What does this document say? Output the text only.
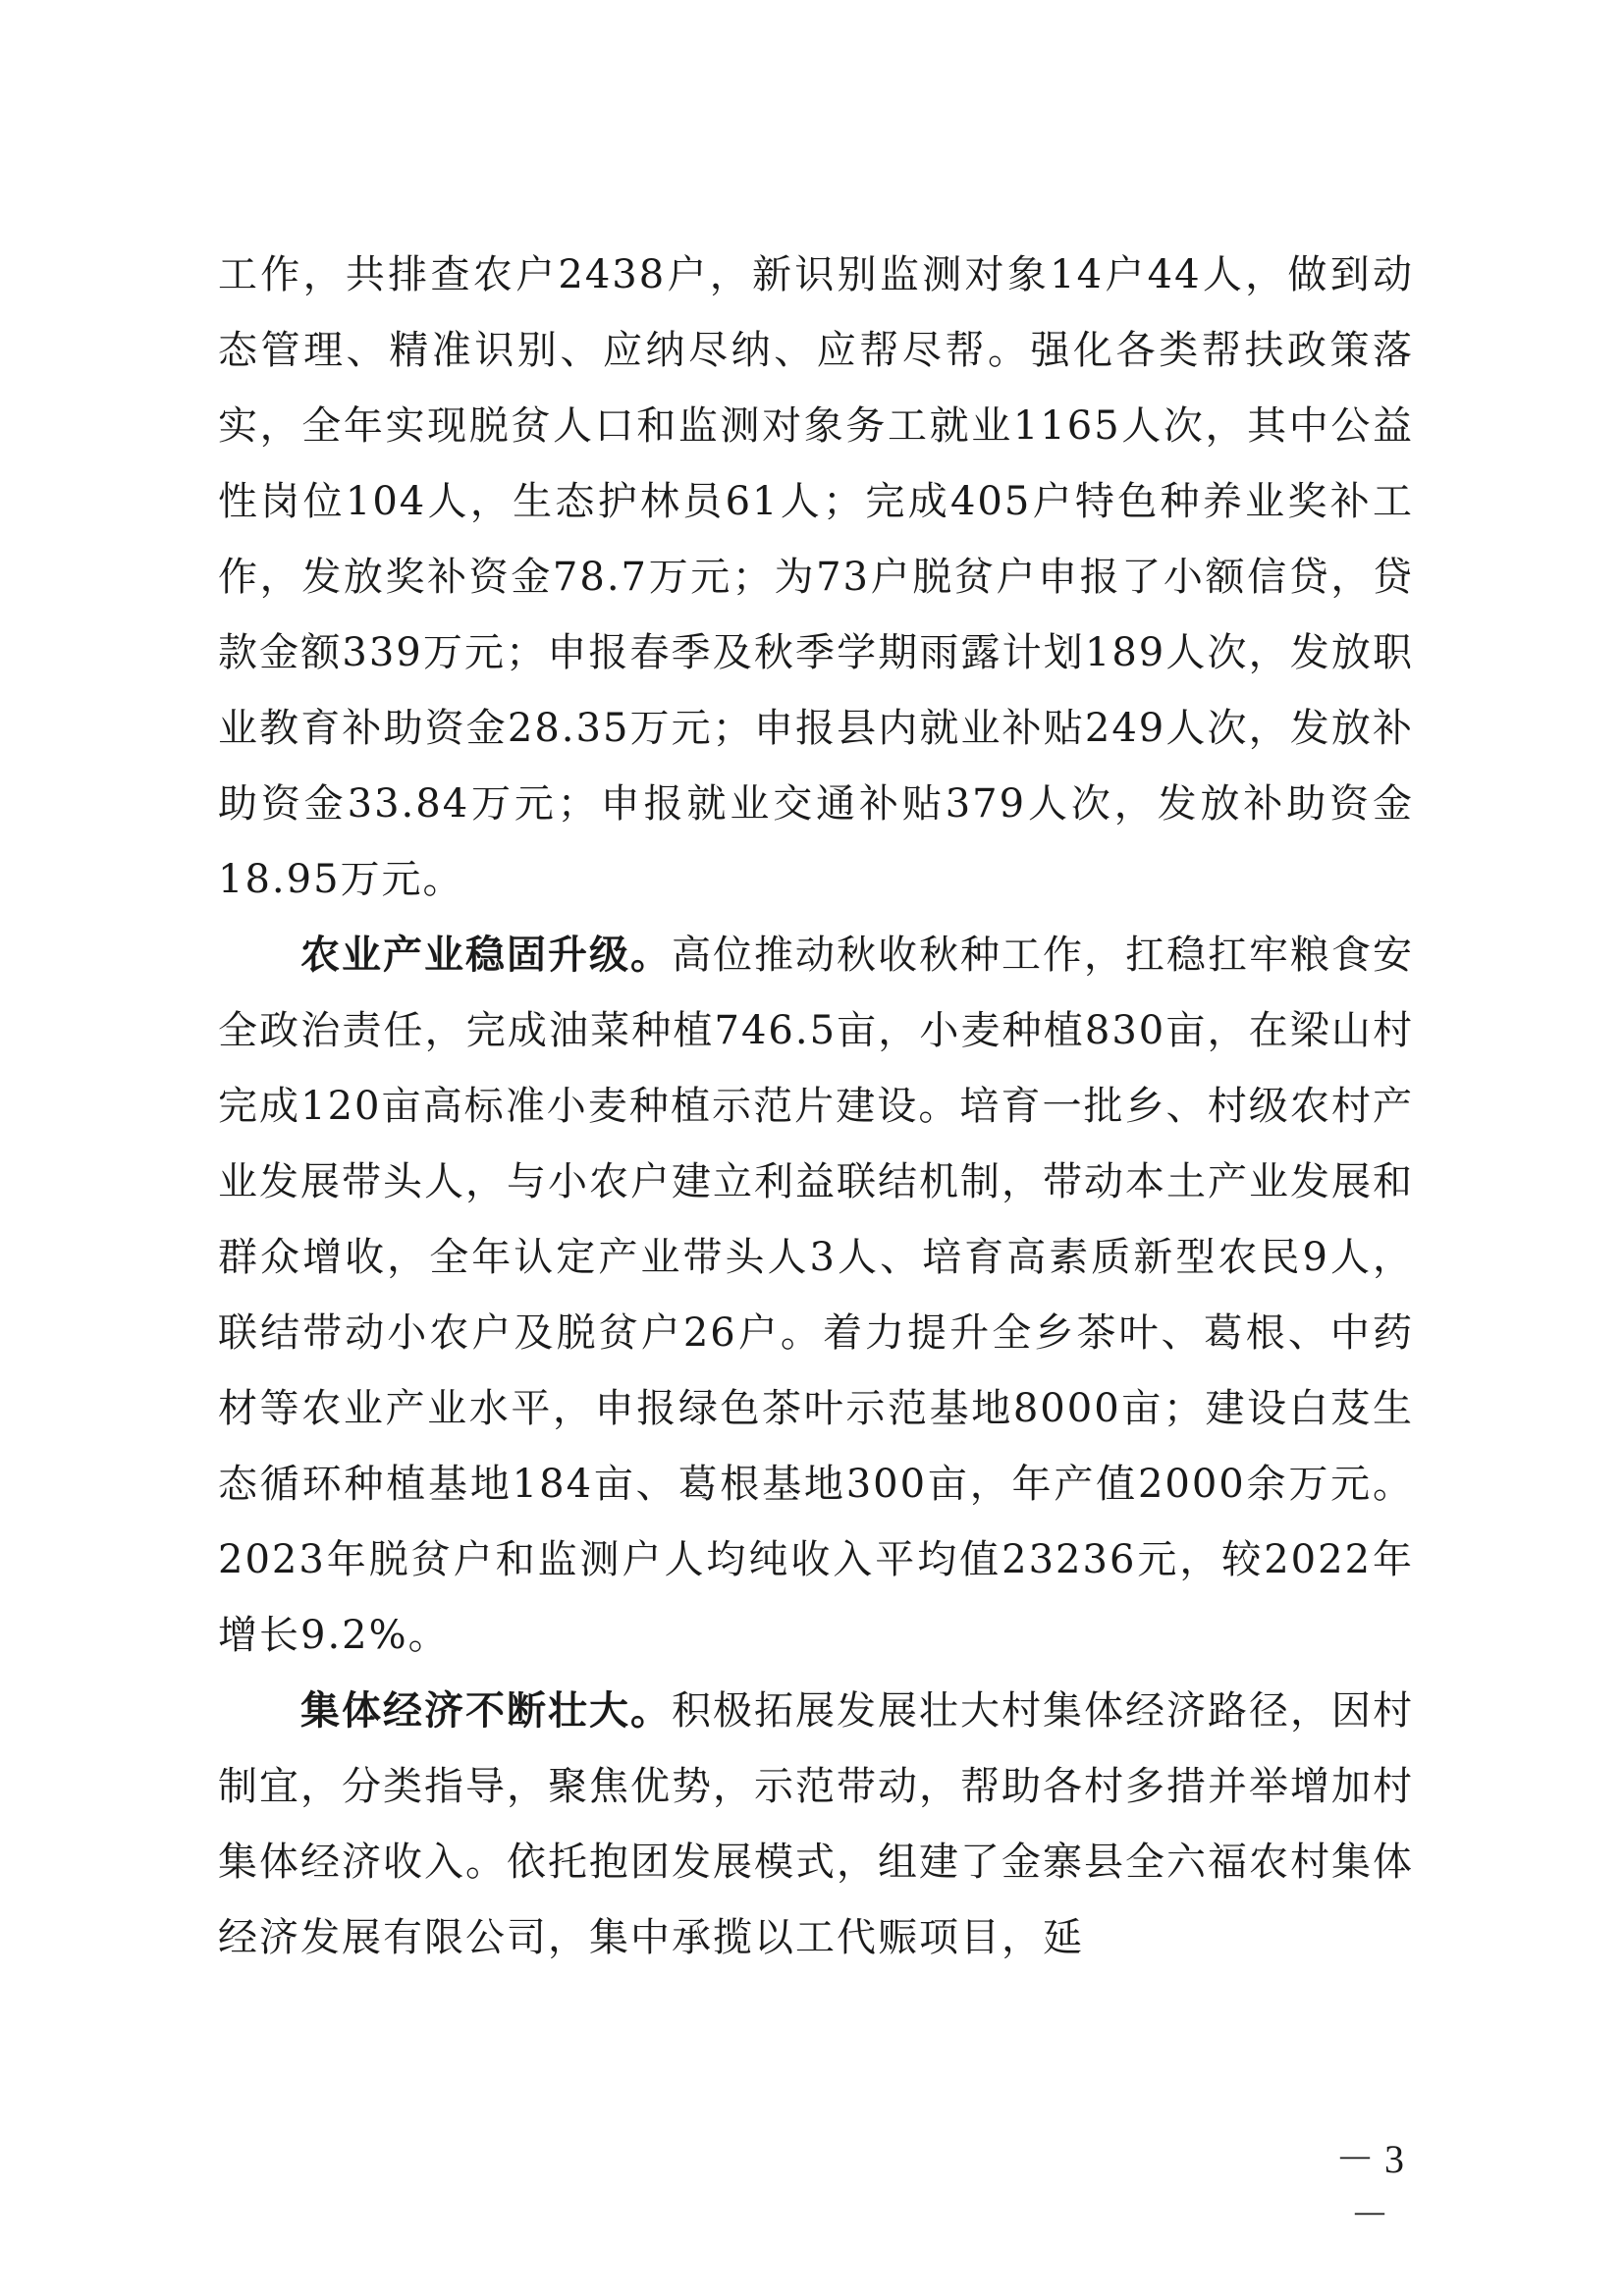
工作，共排查农户2438户，新识别监测对象14户44人，做到动态管理、精准识别、应纳尽纳、应帮尽帮。强化各类帮扶政策落实，全年实现脱贫人口和监测对象务工就业1165人次，其中公益性岗位104人，生态护林员61人；完成405户特色种养业奖补工作，发放奖补资金78.7万元；为73户脱贫户申报了小额信贷，贷款金额339万元；申报春季及秋季学期雨露计划189人次，发放职业教育补助资金28.35万元；申报县内就业补贴249人次，发放补助资金33.84万元；申报就业交通补贴379人次，发放补助资金18.95万元。

农业产业稳固升级。高位推动秋收秋种工作，扛稳扛牢粮食安全政治责任，完成油菜种植746.5亩，小麦种植830亩，在梁山村完成120亩高标准小麦种植示范片建设。培育一批乡、村级农村产业发展带头人，与小农户建立利益联结机制，带动本土产业发展和群众增收，全年认定产业带头人3人、培育高素质新型农民9人，联结带动小农户及脱贫户26户。着力提升全乡茶叶、葛根、中药材等农业产业水平，申报绿色茶叶示范基地8000亩；建设白芨生态循环种植基地184亩、葛根基地300亩，年产值2000余万元。2023年脱贫户和监测户人均纯收入平均值23236元，较2022年增长9.2%。

集体经济不断壮大。积极拓展发展壮大村集体经济路径，因村制宜，分类指导，聚焦优势，示范带动，帮助各村多措并举增加村集体经济收入。依托抱团发展模式，组建了金寨县全六福农村集体经济发展有限公司，集中承揽以工代赈项目，延

－ 3 －
